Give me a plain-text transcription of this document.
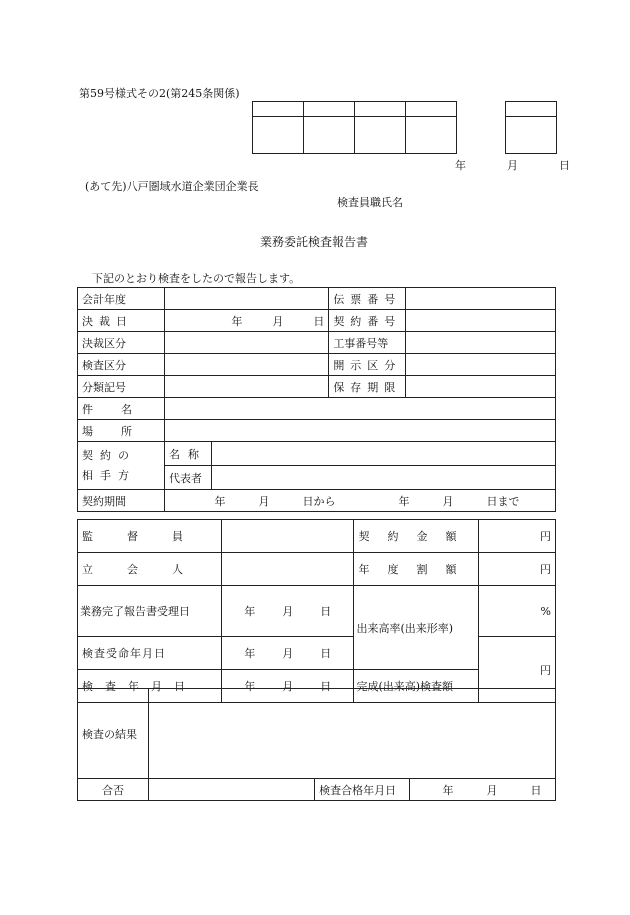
第59号様式その2(第245条関係)

年	月	日
(あて先)八戸圏域水道企業団企業長
検査員職氏名
業務委託検査報告書
下記のとおり検査をしたので報告します。
会計年度			伝票番号	
決裁日	年 月 日		契約番号	
決裁区分			工事番号等	
検査区分			開示区分	
分類記号			保存期限	
件名				
場所				

契約の
相手方	名称			
	代表者			
契約期間	年 月 日から 年 月 日まで			
監督員		契約金額	円
立会人		年度割額	円
業務完了報告書受理日	年 月 日	出来高率(出来形率)	%
検査受命年月日	年 月 日		円
検査年月日	年 月 日	完成(出来高)検査額	
検査の結果			
合否		検査合格年月日	年 月 日
